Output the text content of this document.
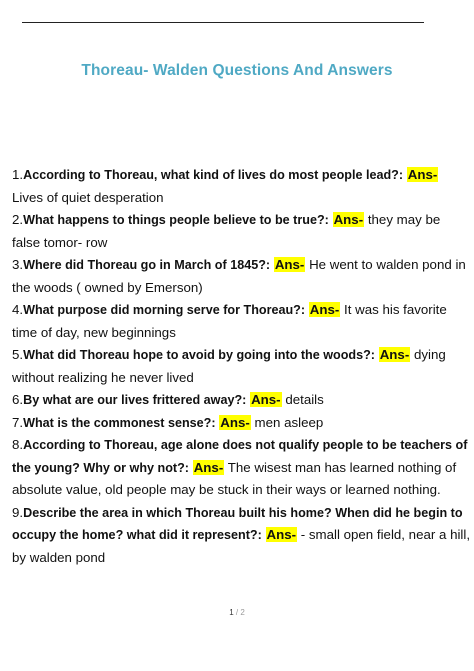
Thoreau- Walden Questions And Answers
1.According to Thoreau, what kind of lives do most people lead?: Ans- Lives of quiet desperation
2.What happens to things people believe to be true?: Ans- they may be false tomor- row
3.Where did Thoreau go in March of 1845?: Ans- He went to walden pond in the woods ( owned by Emerson)
4.What purpose did morning serve for Thoreau?: Ans- It was his favorite time of day, new beginnings
5.What did Thoreau hope to avoid by going into the woods?: Ans- dying without realizing he never lived
6.By what are our lives frittered away?: Ans- details
7.What is the commonest sense?: Ans- men asleep
8.According to Thoreau, age alone does not qualify people to be teachers of the young? Why or why not?: Ans- The wisest man has learned nothing of absolute value, old people may be stuck in their ways or learned nothing.
9.Describe the area in which Thoreau built his home? When did he begin to occupy the home? what did it represent?: Ans- - small open field, near a hill, by walden pond
1 / 2
